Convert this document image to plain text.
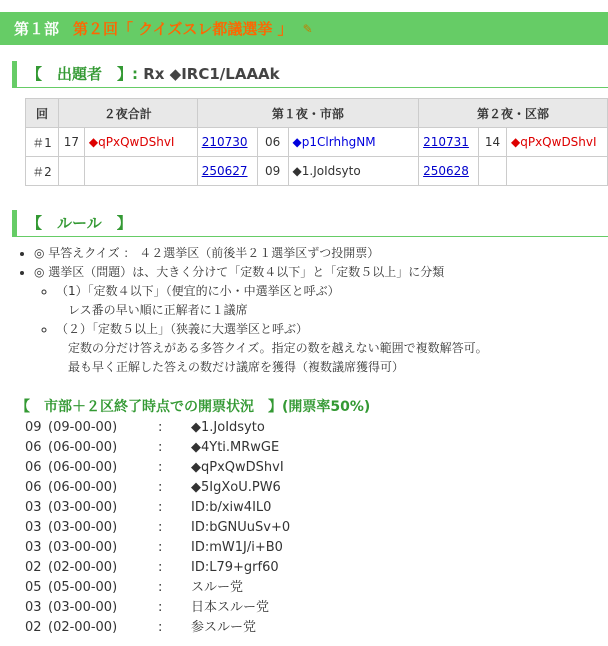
第１部 第２回「 クイズスレ都議選挙 」 ✎
【　出題者　】: Rx ◆IRC1/LAAAk
回	２夜合計		第１夜・市部			第２夜・区部		
＃1	17	◆qPxQwDShvI	210730	06	◆p1ClrhhgNM	210731	14	◆qPxQwDShvI
＃2			250627	09	◆1.JoIdsyto	250628		
【　ルール　】
• ◎ 早答えクイズ ： ４２選挙区（前後半２１選挙区ずつ投開票）
• ◎ 選挙区（問題）は、大きく分けて「定数４以下」と「定数５以上」に分類
◦ （1）「定数４以下」（便宜的に小・中選挙区と呼ぶ）
レス番の早い順に正解者に１議席
◦ （２）「定数５以上」（狭義に大選挙区と呼ぶ）
定数の分だけ答えがある多答クイズ。指定の数を越えない範囲で複数解答可。
最も早く正解した答えの数だけ議席を獲得（複数議席獲得可）
【　市部＋２区終了時点での開票状況　】(開票率50%)
09 (09-00-00)	:	◆1.JoIdsyto
06 (06-00-00)	:	◆4Yti.MRwGE
06 (06-00-00)	:	◆qPxQwDShvI
06 (06-00-00)	:	◆5IgXoU.PW6
03 (03-00-00)	:	ID:b/xiw4IL0
03 (03-00-00)	:	ID:bGNUuSv+0
03 (03-00-00)	:	ID:mW1J/i+B0
02 (02-00-00)	:	ID:L79+grf60
05 (05-00-00)	:	スルー党
03 (03-00-00)	:	日本スルー党
02 (02-00-00)	:	参スルー党
